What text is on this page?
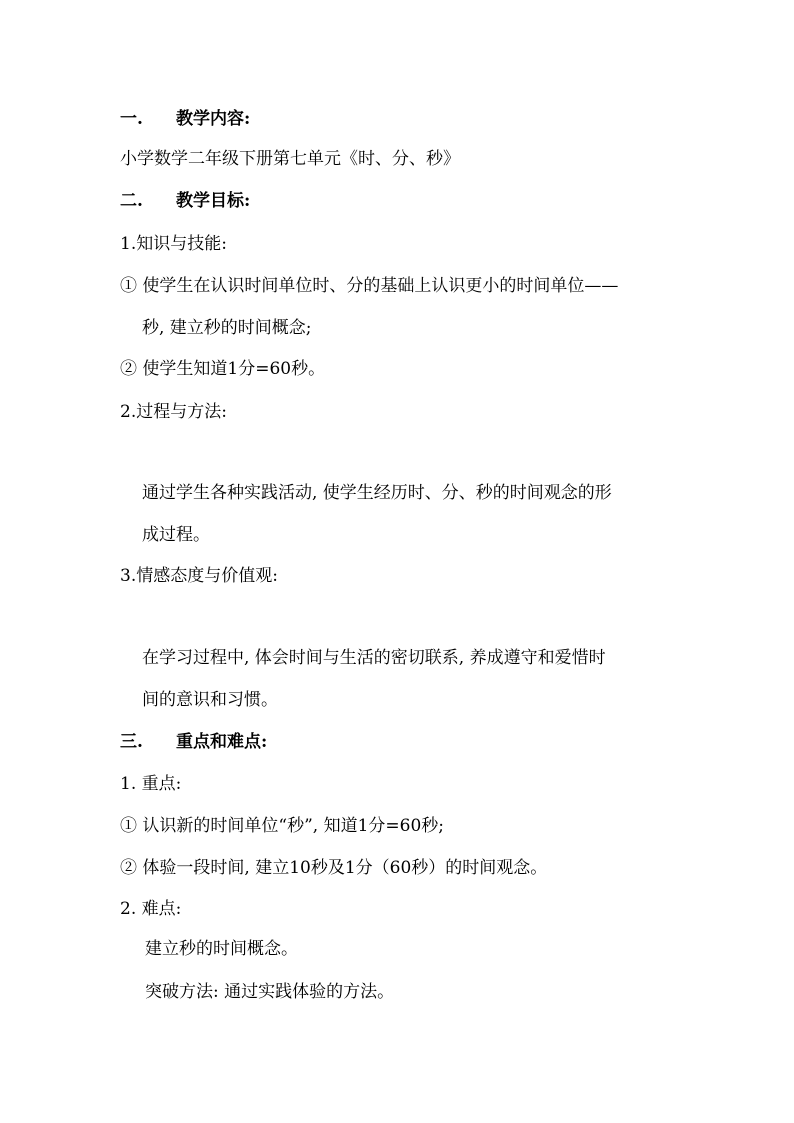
一. 教学内容:
小学数学二年级下册第七单元《时、分、秒》
二. 教学目标:
1.知识与技能:
① 使学生在认识时间单位时、分的基础上认识更小的时间单位——
秒, 建立秒的时间概念;
② 使学生知道1分=60秒。
2.过程与方法:
通过学生各种实践活动, 使学生经历时、分、秒的时间观念的形
成过程。
3.情感态度与价值观:
在学习过程中, 体会时间与生活的密切联系, 养成遵守和爱惜时
间的意识和习惯。
三. 重点和难点:
1. 重点:
① 认识新的时间单位“秒”, 知道1分=60秒;
② 体验一段时间, 建立10秒及1分（60秒）的时间观念。
2. 难点:
建立秒的时间概念。
突破方法: 通过实践体验的方法。
